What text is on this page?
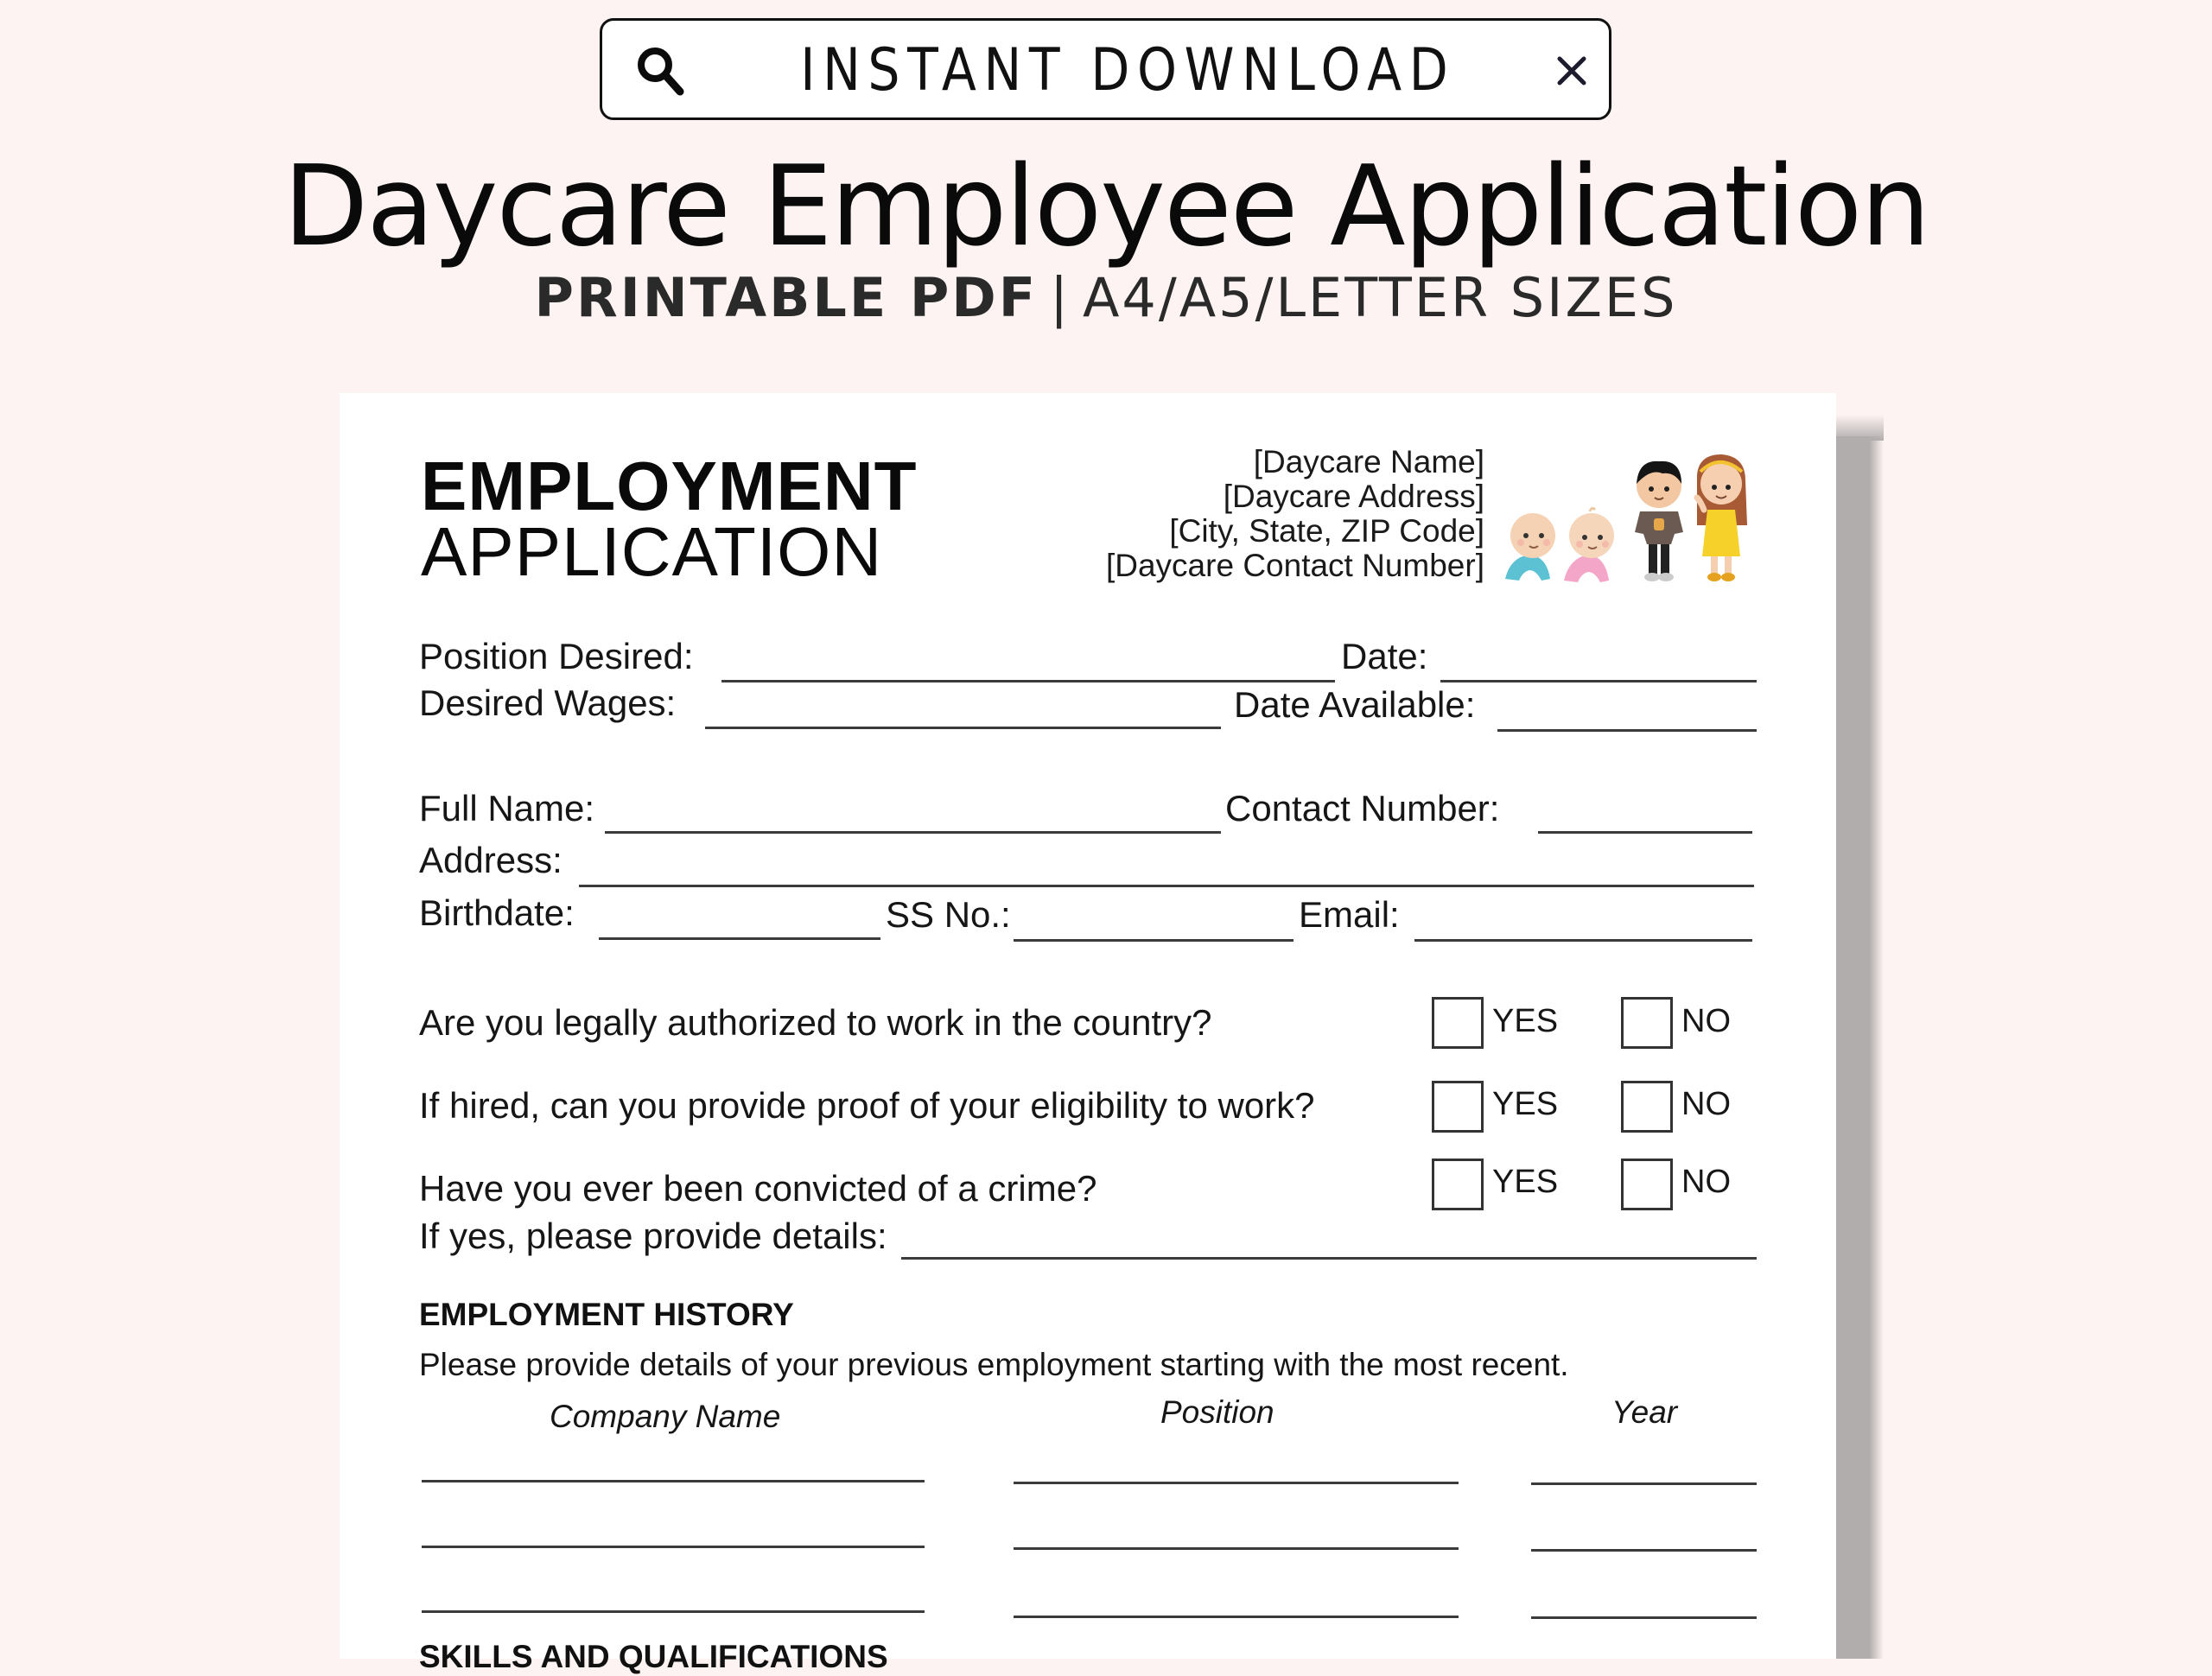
INSTANT DOWNLOAD
Daycare Employee Application
PRINTABLE PDF | A4/A5/LETTER SIZES
EMPLOYMENT
APPLICATION
[Daycare Name]
[Daycare Address]
[City, State, ZIP Code]
[Daycare Contact Number]
Position Desired:	Date:
Desired Wages:	Date Available:
Full Name:	Contact Number:
Address:
Birthdate:	SS No.:	Email:
Are you legally authorized to work in the country?	YES	NO
If hired, can you provide proof of your eligibility to work?	YES	NO
Have you ever been convicted of a crime?	YES	NO
If yes, please provide details:
EMPLOYMENT HISTORY
Please provide details of your previous employment starting with the most recent.
Company Name	Position	Year
SKILLS AND QUALIFICATIONS
